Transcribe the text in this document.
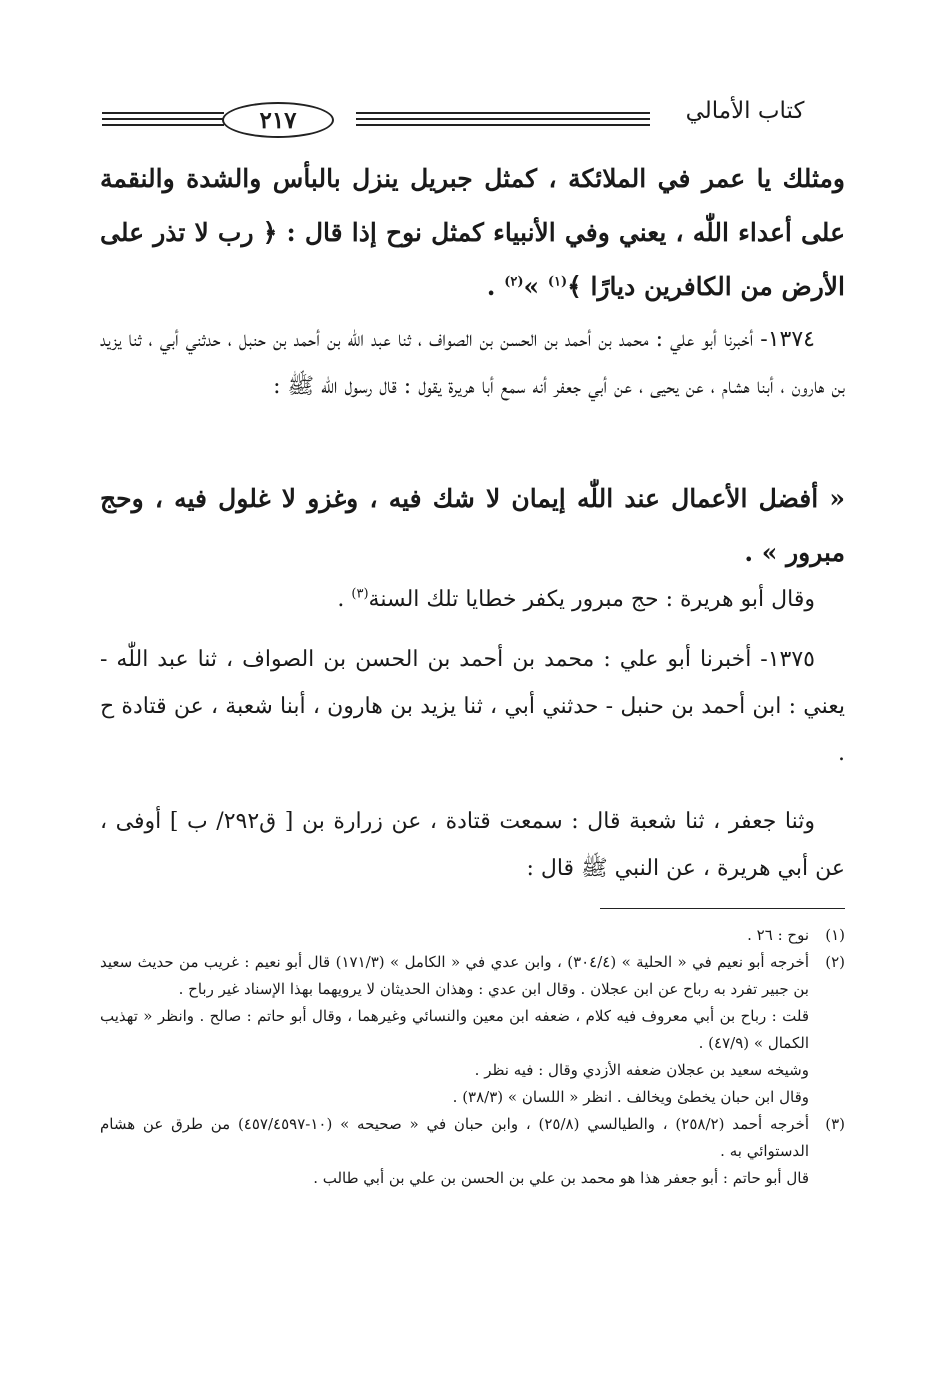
٢١٧	كتاب الأمالي

ومثلك يا عمر في الملائكة ، كمثل جبريل ينزل بالبأس والشدة والنقمة على أعداء اللّٰه ، يعني وفي الأنبياء كمثل نوح إذا قال : ﴿ رب لا تذر على الأرض من الكافرين ديارًا ﴾$^{(١)}$ »$^{(٢)}$ .

١٣٧٤- أخبرنا أبو علي : محمد بن أحمد بن الحسن بن الصواف ، ثنا عبد اللّٰه بن أحمد بن حنبل ، حدثني أبي ، ثنا يزيد بن هارون ، أبنا هشام ، عن يحيى ، عن أبي جعفر أنه سمع أبا هريرة يقول : قال رسول اللّٰه ﷺ :

« أفضل الأعمال عند اللّٰه إيمان لا شك فيه ، وغزو لا غلول فيه ، وحج مبرور » .

وقال أبو هريرة : حج مبرور يكفر خطايا تلك السنة$^{(٣)}$ .

١٣٧٥- أخبرنا أبو علي : محمد بن أحمد بن الحسن بن الصواف ، ثنا عبد اللّٰه - يعني : ابن أحمد بن حنبل - حدثني أبي ، ثنا يزيد بن هارون ، أبنا شعبة ، عن قتادة ح .

وثنا جعفر ، ثنا شعبة قال : سمعت قتادة ، عن زرارة بن [ ق٢٩٢/ ب ] أوفى ، عن أبي هريرة ، عن النبي ﷺ قال :

(١)
نوح : ٢٦ .
(٢)
أخرجه أبو نعيم في « الحلية » (٣٠٤/٤) ، وابن عدي في « الكامل » (١٧١/٣) قال أبو نعيم : غريب من حديث سعيد بن جبير تفرد به رباح عن ابن عجلان . وقال ابن عدي : وهذان الحديثان لا يرويهما بهذا الإسناد غير رباح .
قلت : رباح بن أبي معروف فيه كلام ، ضعفه ابن معين والنسائي وغيرهما ، وقال أبو حاتم : صالح . وانظر « تهذيب الكمال » (٤٧/٩) .
وشيخه سعيد بن عجلان ضعفه الأزدي وقال : فيه نظر .
وقال ابن حبان يخطئ ويخالف . انظر « اللسان » (٣٨/٣) .
(٣)
أخرجه أحمد (٢٥٨/٢) ، والطيالسي (٢٥/٨) ، وابن حبان في « صحيحه » (١٠-٤٥٧/٤٥٩٧) من طرق عن هشام الدستوائي به .
قال أبو حاتم : أبو جعفر هذا هو محمد بن علي بن الحسن بن علي بن أبي طالب .
